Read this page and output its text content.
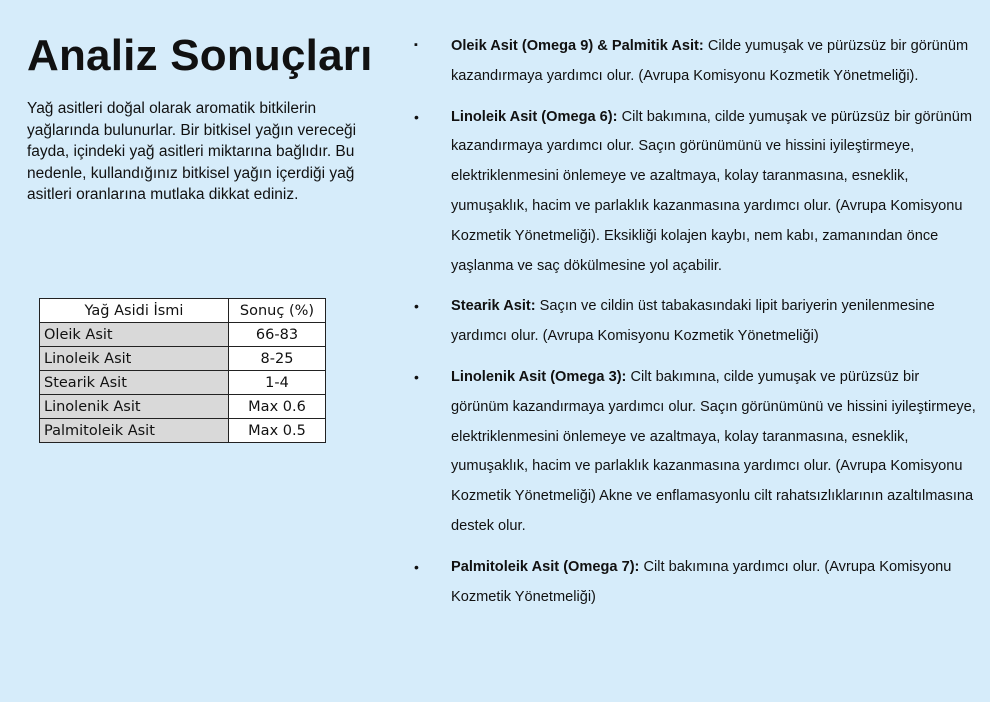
Analiz Sonuçları

Yağ asitleri doğal olarak aromatik bitkilerin yağlarında bulunurlar. Bir bitkisel yağın vereceği fayda, içindeki yağ asitleri miktarına bağlıdır. Bu nedenle, kullandığınız bitkisel yağın içerdiği yağ asitleri oranlarına mutlaka dikkat ediniz.

Yağ Asidi İsmi	Sonuç (%)
Oleik Asit	66-83
Linoleik Asit	8-25
Stearik Asit	1-4
Linolenik Asit	Max 0.6
Palmitoleik Asit	Max 0.5
▪ Oleik Asit (Omega 9) & Palmitik Asit: Cilde yumuşak ve pürüzsüz bir görünüm kazandırmaya yardımcı olur. (Avrupa Komisyonu Kozmetik Yönetmeliği).
• Linoleik Asit (Omega 6): Cilt bakımına, cilde yumuşak ve pürüzsüz bir görünüm kazandırmaya yardımcı olur. Saçın görünümünü ve hissini iyileştirmeye, elektriklenmesini önlemeye ve azaltmaya, kolay taranmasına, esneklik, yumuşaklık, hacim ve parlaklık kazanmasına yardımcı olur. (Avrupa Komisyonu Kozmetik Yönetmeliği). Eksikliği kolajen kaybı, nem kabı, zamanından önce yaşlanma ve saç dökülmesine yol açabilir.
• Stearik Asit: Saçın ve cildin üst tabakasındaki lipit bariyerin yenilenmesine yardımcı olur. (Avrupa Komisyonu Kozmetik Yönetmeliği)
• Linolenik Asit (Omega 3): Cilt bakımına, cilde yumuşak ve pürüzsüz bir görünüm kazandırmaya yardımcı olur. Saçın görünümünü ve hissini iyileştirmeye, elektriklenmesini önlemeye ve azaltmaya, kolay taranmasına, esneklik, yumuşaklık, hacim ve parlaklık kazanmasına yardımcı olur. (Avrupa Komisyonu Kozmetik Yönetmeliği) Akne ve enflamasyonlu cilt rahatsızlıklarının azaltılmasına destek olur.
• Palmitoleik Asit (Omega 7): Cilt bakımına yardımcı olur. (Avrupa Komisyonu Kozmetik Yönetmeliği)
